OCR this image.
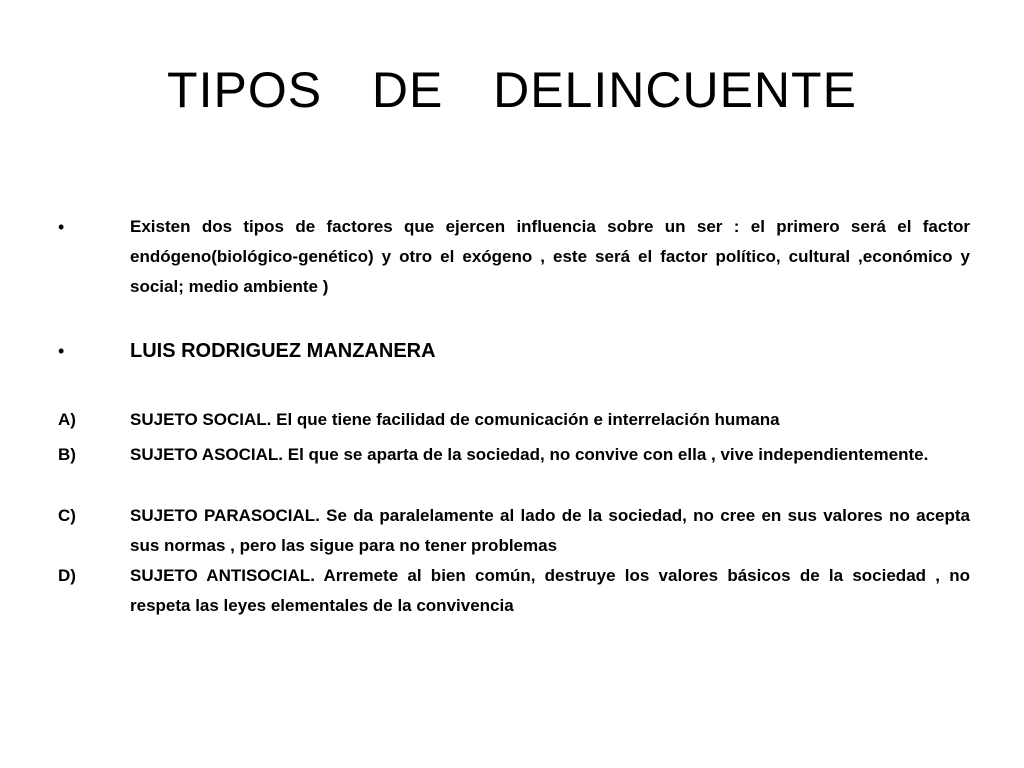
TIPOS  DE  DELINCUENTE
•	Existen dos tipos de factores que ejercen influencia sobre un ser : el primero será el factor endógeno(biológico-genético) y otro el exógeno , este será el factor político, cultural ,económico y social; medio ambiente )
•	LUIS RODRIGUEZ MANZANERA
A)	SUJETO SOCIAL. El que tiene facilidad de comunicación e interrelación humana
B)	SUJETO ASOCIAL. El que se aparta de la sociedad, no convive con ella , vive independientemente.
C)	SUJETO PARASOCIAL. Se da paralelamente al lado de la sociedad, no cree en sus valores no acepta sus normas , pero las sigue para no tener problemas
D)	SUJETO ANTISOCIAL. Arremete al bien común, destruye los valores básicos de la sociedad , no respeta las leyes elementales de la convivencia
